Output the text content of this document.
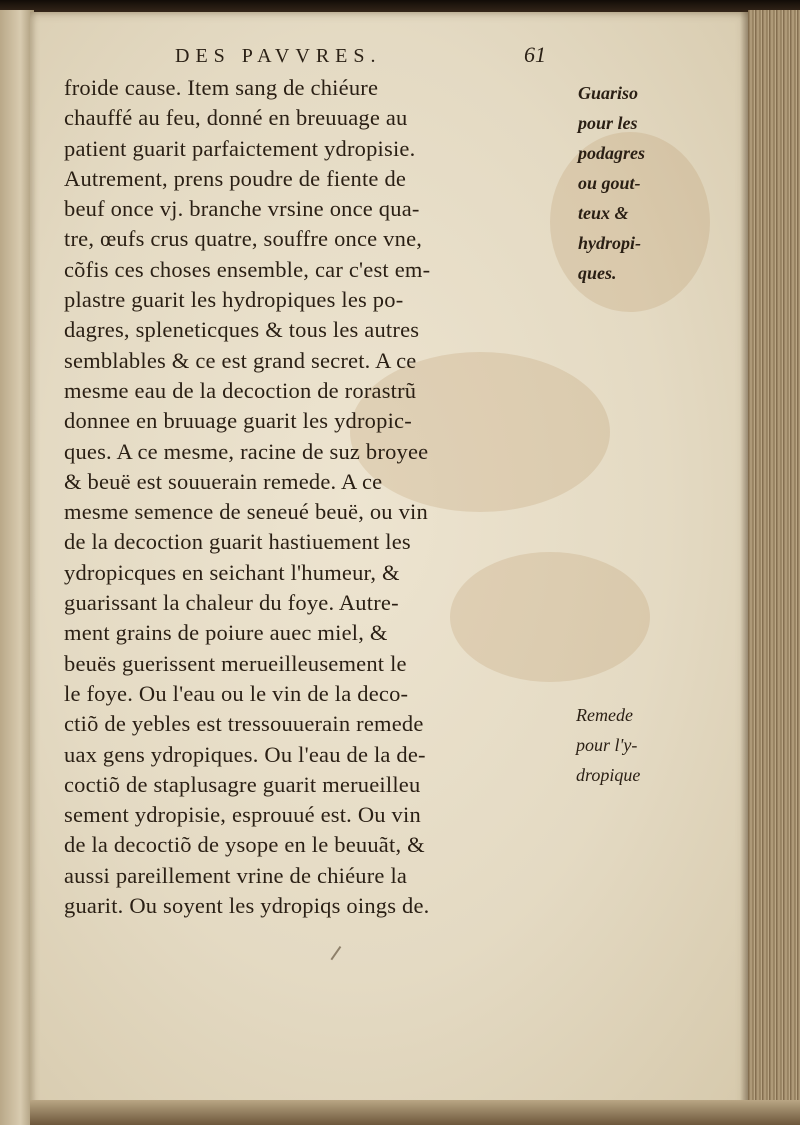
DES PAVVRES.	61
froide cause. Item sang de chiéure
chauffé au feu, donné en breuuage au
patient guarit parfaictement ydropisie.
Autrement, prens poudre de fiente de
beuf once vj. branche vrsine once qua-
tre, œufs crus quatre, souffre once vne,
cõfis ces choses ensemble, car c'est em-
plastre guarit les hydropiques les po-
dagres, spleneticques & tous les autres
semblables & ce est grand secret. A ce
mesme eau de la decoction de rorastrũ
donnee en bruuage guarit les ydropic-
ques. A ce mesme, racine de suz broyee
& beuë est souuerain remede. A ce
mesme semence de seneué beuë, ou vin
de la decoction guarit hastiuement les
ydropicques en seichant l'humeur, &
guarissant la chaleur du foye. Autre-
ment grains de poiure auec miel, &
beuës guerissent merueilleusement le
le foye. Ou l'eau ou le vin de la deco-
ctiõ de yebles est tressouuerain remede
uax gens ydropiques. Ou l'eau de la de-
coctiõ de staplusagre guarit merueilleu
sement ydropisie, esprouué est. Ou vin
de la decoctiõ de ysope en le beuuãt, &
aussi pareillement vrine de chiéure la
guarit. Ou soyent les ydropiqs oings de.
Guariso
pour les
podagres
ou gout-
teux &
hydropi-
ques.
Remede
pour l'y-
dropique
